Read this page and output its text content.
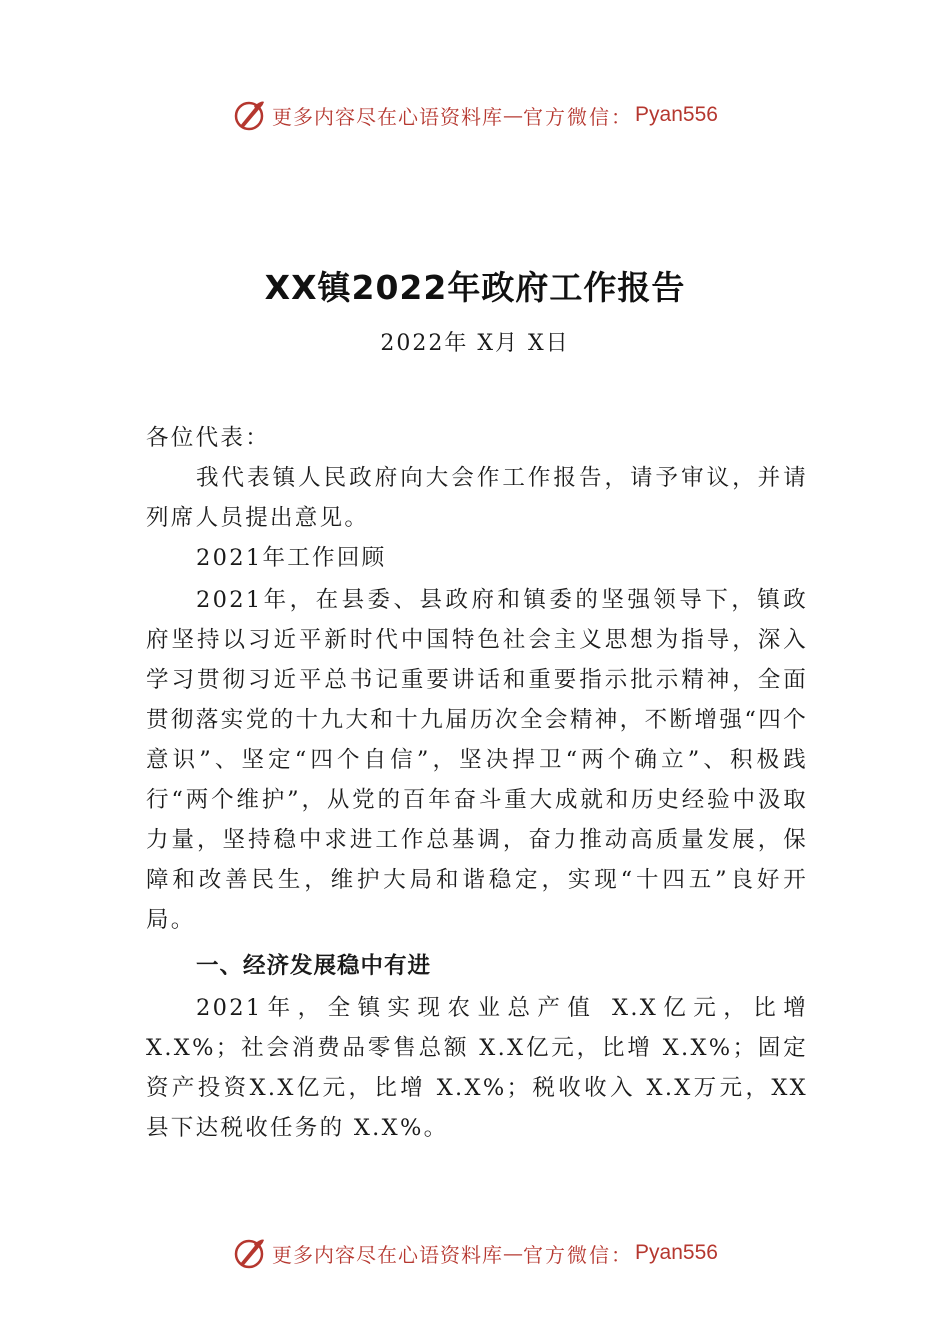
更多内容尽在心语资料库 — 官方微信： Pyan556
XX镇2022年政府工作报告
2022年 X月 X日

各位代表：

我代表镇人民政府向大会作工作报告，请予审议，并请列席人员提出意见。

2021年工作回顾

2021年，在县委、县政府和镇委的坚强领导下，镇政府坚持以习近平新时代中国特色社会主义思想为指导，深入学习贯彻习近平总书记重要讲话和重要指示批示精神，全面贯彻落实党的十九大和十九届历次全会精神，不断增强“四个意识”、坚定“四个自信”，坚决捍卫“两个确立”、积极践行“两个维护”，从党的百年奋斗重大成就和历史经验中汲取力量，坚持稳中求进工作总基调，奋力推动高质量发展，保障和改善民生，维护大局和谐稳定，实现“十四五”良好开局。

一、经济发展稳中有进

2021年，全镇实现农业总产值 X.X亿元，比增 X.X%；社会消费品零售总额 X.X亿元，比增 X.X%；固定资产投资X.X亿元，比增 X.X%；税收收入 X.X万元，XX县下达税收任务的 X.X%。

更多内容尽在心语资料库 — 官方微信： Pyan556
